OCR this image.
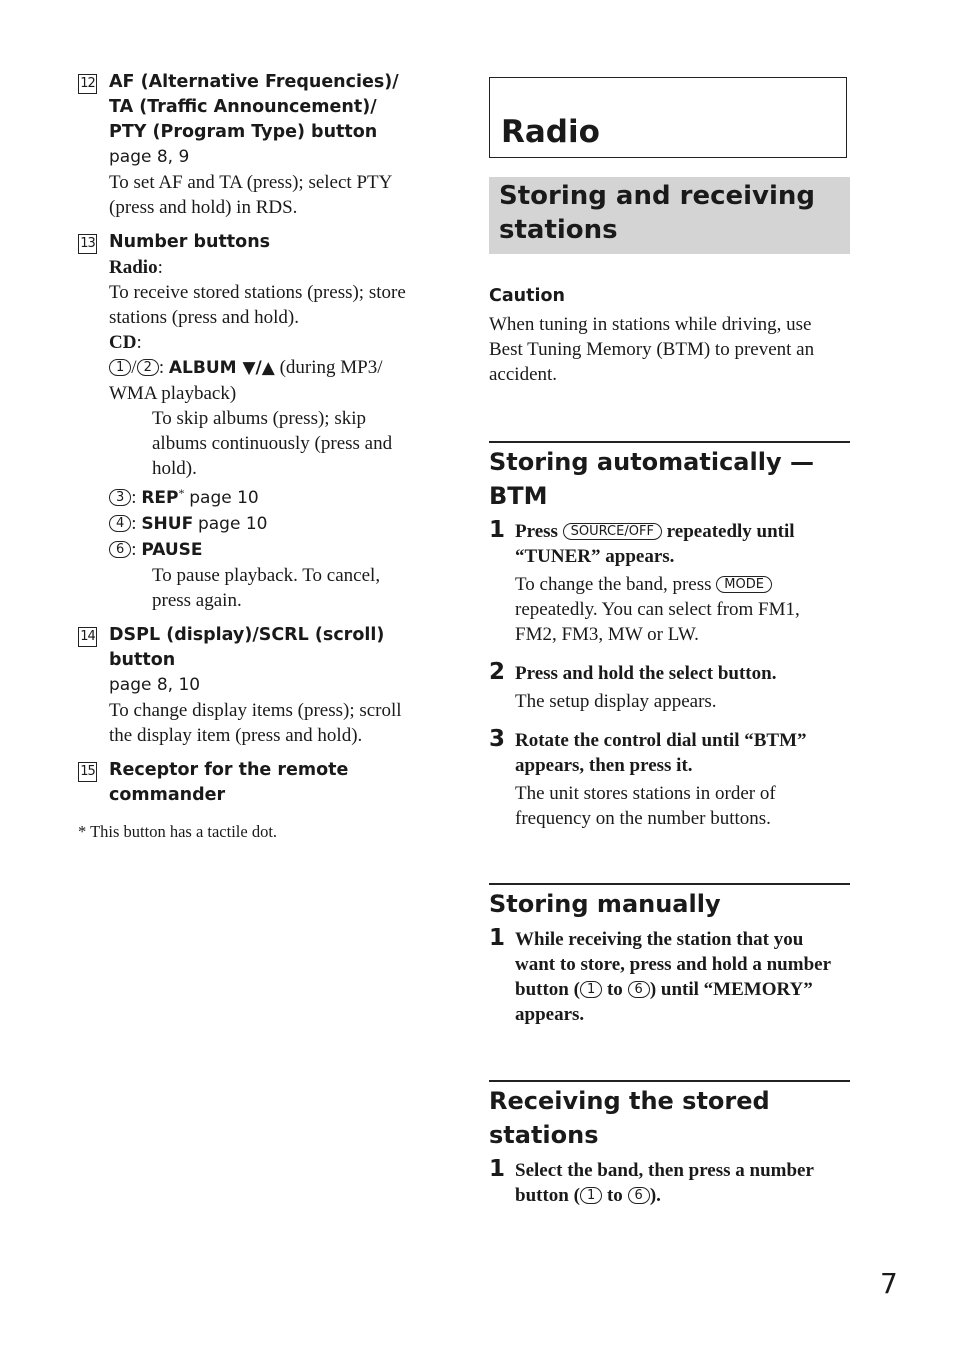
12 AF (Alternative Frequencies)/

TA (Traffic Announcement)/

PTY (Program Type) button

page 8, 9

To set AF and TA (press); select PTY

(press and hold) in RDS.

13 Number buttons

Radio:

To receive stored stations (press); store

stations (press and hold).

CD:

1 / 2 : ALBUM ▼/▲ (during MP3/

WMA playback)

To skip albums (press); skip

albums continuously (press and

hold).

3 : REP* page 10

4 : SHUF page 10

6 : PAUSE

To pause playback. To cancel,

press again.

14 DSPL (display)/SCRL (scroll) button

page 8, 10

To change display items (press); scroll

the display item (press and hold).

15 Receptor for the remote

commander

* This button has a tactile dot.

Radio
Storing and receiving
stations

Caution

When tuning in stations while driving, use

Best Tuning Memory (BTM) to prevent an

accident.

Storing automatically — BTM
1 Press SOURCE/OFF repeatedly until

“TUNER” appears.

To change the band, press MODE

repeatedly. You can select from FM1,

FM2, FM3, MW or LW.

2 Press and hold the select button.

The setup display appears.

3 Rotate the control dial until “BTM”

appears, then press it.

The unit stores stations in order of

frequency on the number buttons.

Storing manually
1 While receiving the station that you

want to store, press and hold a number

button ( 1 to 6 ) until “MEMORY”

appears.

Receiving the stored stations
1 Select the band, then press a number

button ( 1 to 6 ).

7
